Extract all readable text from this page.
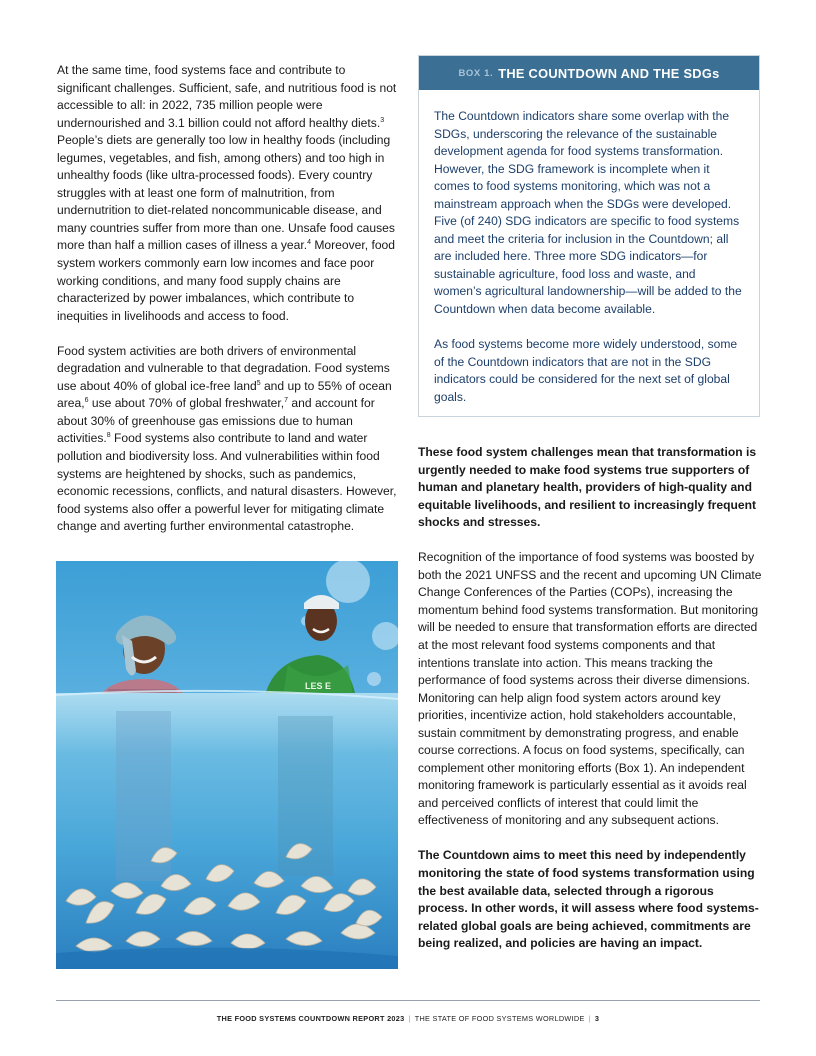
At the same time, food systems face and contribute to significant challenges. Sufficient, safe, and nutritious food is not accessible to all: in 2022, 735 million people were undernourished and 3.1 billion could not afford healthy diets.$^3$ People’s diets are generally too low in healthy foods (including legumes, vegetables, and fish, among others) and too high in unhealthy foods (like ultra-processed foods). Every country struggles with at least one form of malnutrition, from undernutrition to diet-related noncommunicable disease, and many countries suffer from more than one. Unsafe food causes more than half a million cases of illness a year.$^4$ Moreover, food system workers commonly earn low incomes and face poor working conditions, and many food supply chains are characterized by power imbalances, which contribute to inequities in livelihoods and access to food.

Food system activities are both drivers of environmental degradation and vulnerable to that degradation. Food systems use about 40% of global ice-free land$^5$ and up to 55% of ocean area,$^6$ use about 70% of global freshwater,$^7$ and account for about 30% of greenhouse gas emissions due to human activities.$^8$ Food systems also contribute to land and water pollution and biodiversity loss. And vulnerabilities within food systems are heightened by shocks, such as pandemics, economic recessions, conflicts, and natural disasters. However, food systems also offer a powerful lever for mitigating climate change and averting further environmental catastrophe.

BOX 1. THE COUNTDOWN AND THE SDGs

The Countdown indicators share some overlap with the SDGs, underscoring the relevance of the sustainable development agenda for food systems transformation. However, the SDG framework is incomplete when it comes to food systems monitoring, which was not a mainstream approach when the SDGs were developed. Five (of 240) SDG indicators are specific to food systems and meet the criteria for inclusion in the Countdown; all are included here. Three more SDG indicators—for sustainable agriculture, food loss and waste, and women’s agricultural landownership—will be added to the Countdown when data become available.

As food systems become more widely understood, some of the Countdown indicators that are not in the SDG indicators could be considered for the next set of global goals.

LES E

These food system challenges mean that transformation is urgently needed to make food systems true supporters of human and planetary health, providers of high-quality and equitable livelihoods, and resilient to increasingly frequent shocks and stresses.

Recognition of the importance of food systems was boosted by both the 2021 UNFSS and the recent and upcoming UN Climate Change Conferences of the Parties (COPs), increasing the momentum behind food systems transformation. But monitoring will be needed to ensure that transformation efforts are directed at the most relevant food systems components and that intentions translate into action. This means tracking the performance of food systems across their diverse dimensions. Monitoring can help align food system actors around key priorities, incentivize action, hold stakeholders accountable, sustain commitment by demonstrating progress, and enable course corrections. A focus on food systems, specifically, can complement other monitoring efforts (Box 1). An independent monitoring framework is particularly essential as it avoids real and perceived conflicts of interest that could limit the effectiveness of monitoring and any subsequent actions.

The Countdown aims to meet this need by independently monitoring the state of food systems transformation using the best available data, selected through a rigorous process. In other words, it will assess where food systems-related global goals are being achieved, commitments are being realized, and policies are having an impact.

THE FOOD SYSTEMS COUNTDOWN REPORT 2023 | THE STATE OF FOOD SYSTEMS WORLDWIDE | 3
